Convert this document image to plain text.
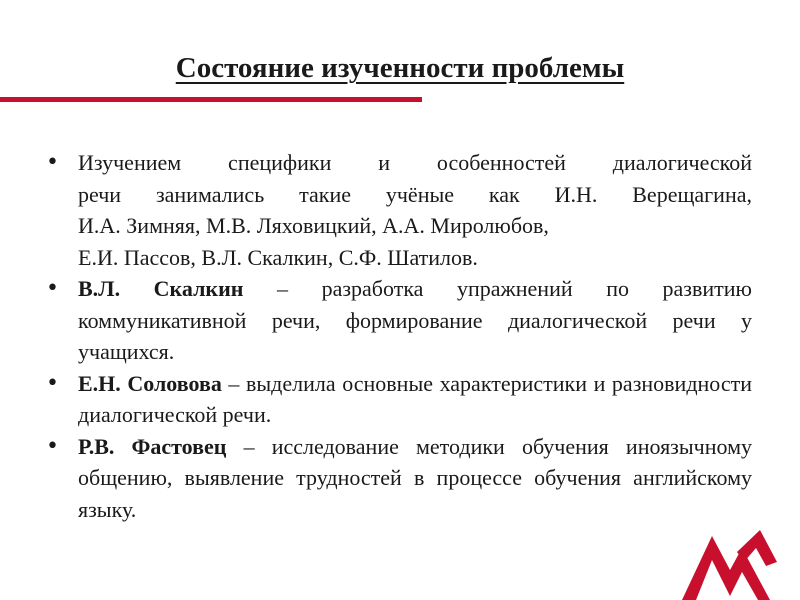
Состояние изученности проблемы
• Изучением специфики и особенностей диалогической
речи занимались такие учёные как И.Н. Верещагина,
И.А. Зимняя, М.В. Ляховицкий, А.А. Миролюбов,
Е.И. Пассов, В.Л. Скалкин, С.Ф. Шатилов.
• В.Л. Скалкин – разработка упражнений по развитию коммуникативной речи, формирование диалогической речи у учащихся.
• Е.Н. Соловова – выделила основные характеристики и разновидности диалогической речи.
• Р.В. Фастовец – исследование методики обучения иноязычному общению, выявление трудностей в процессе обучения английскому языку.
